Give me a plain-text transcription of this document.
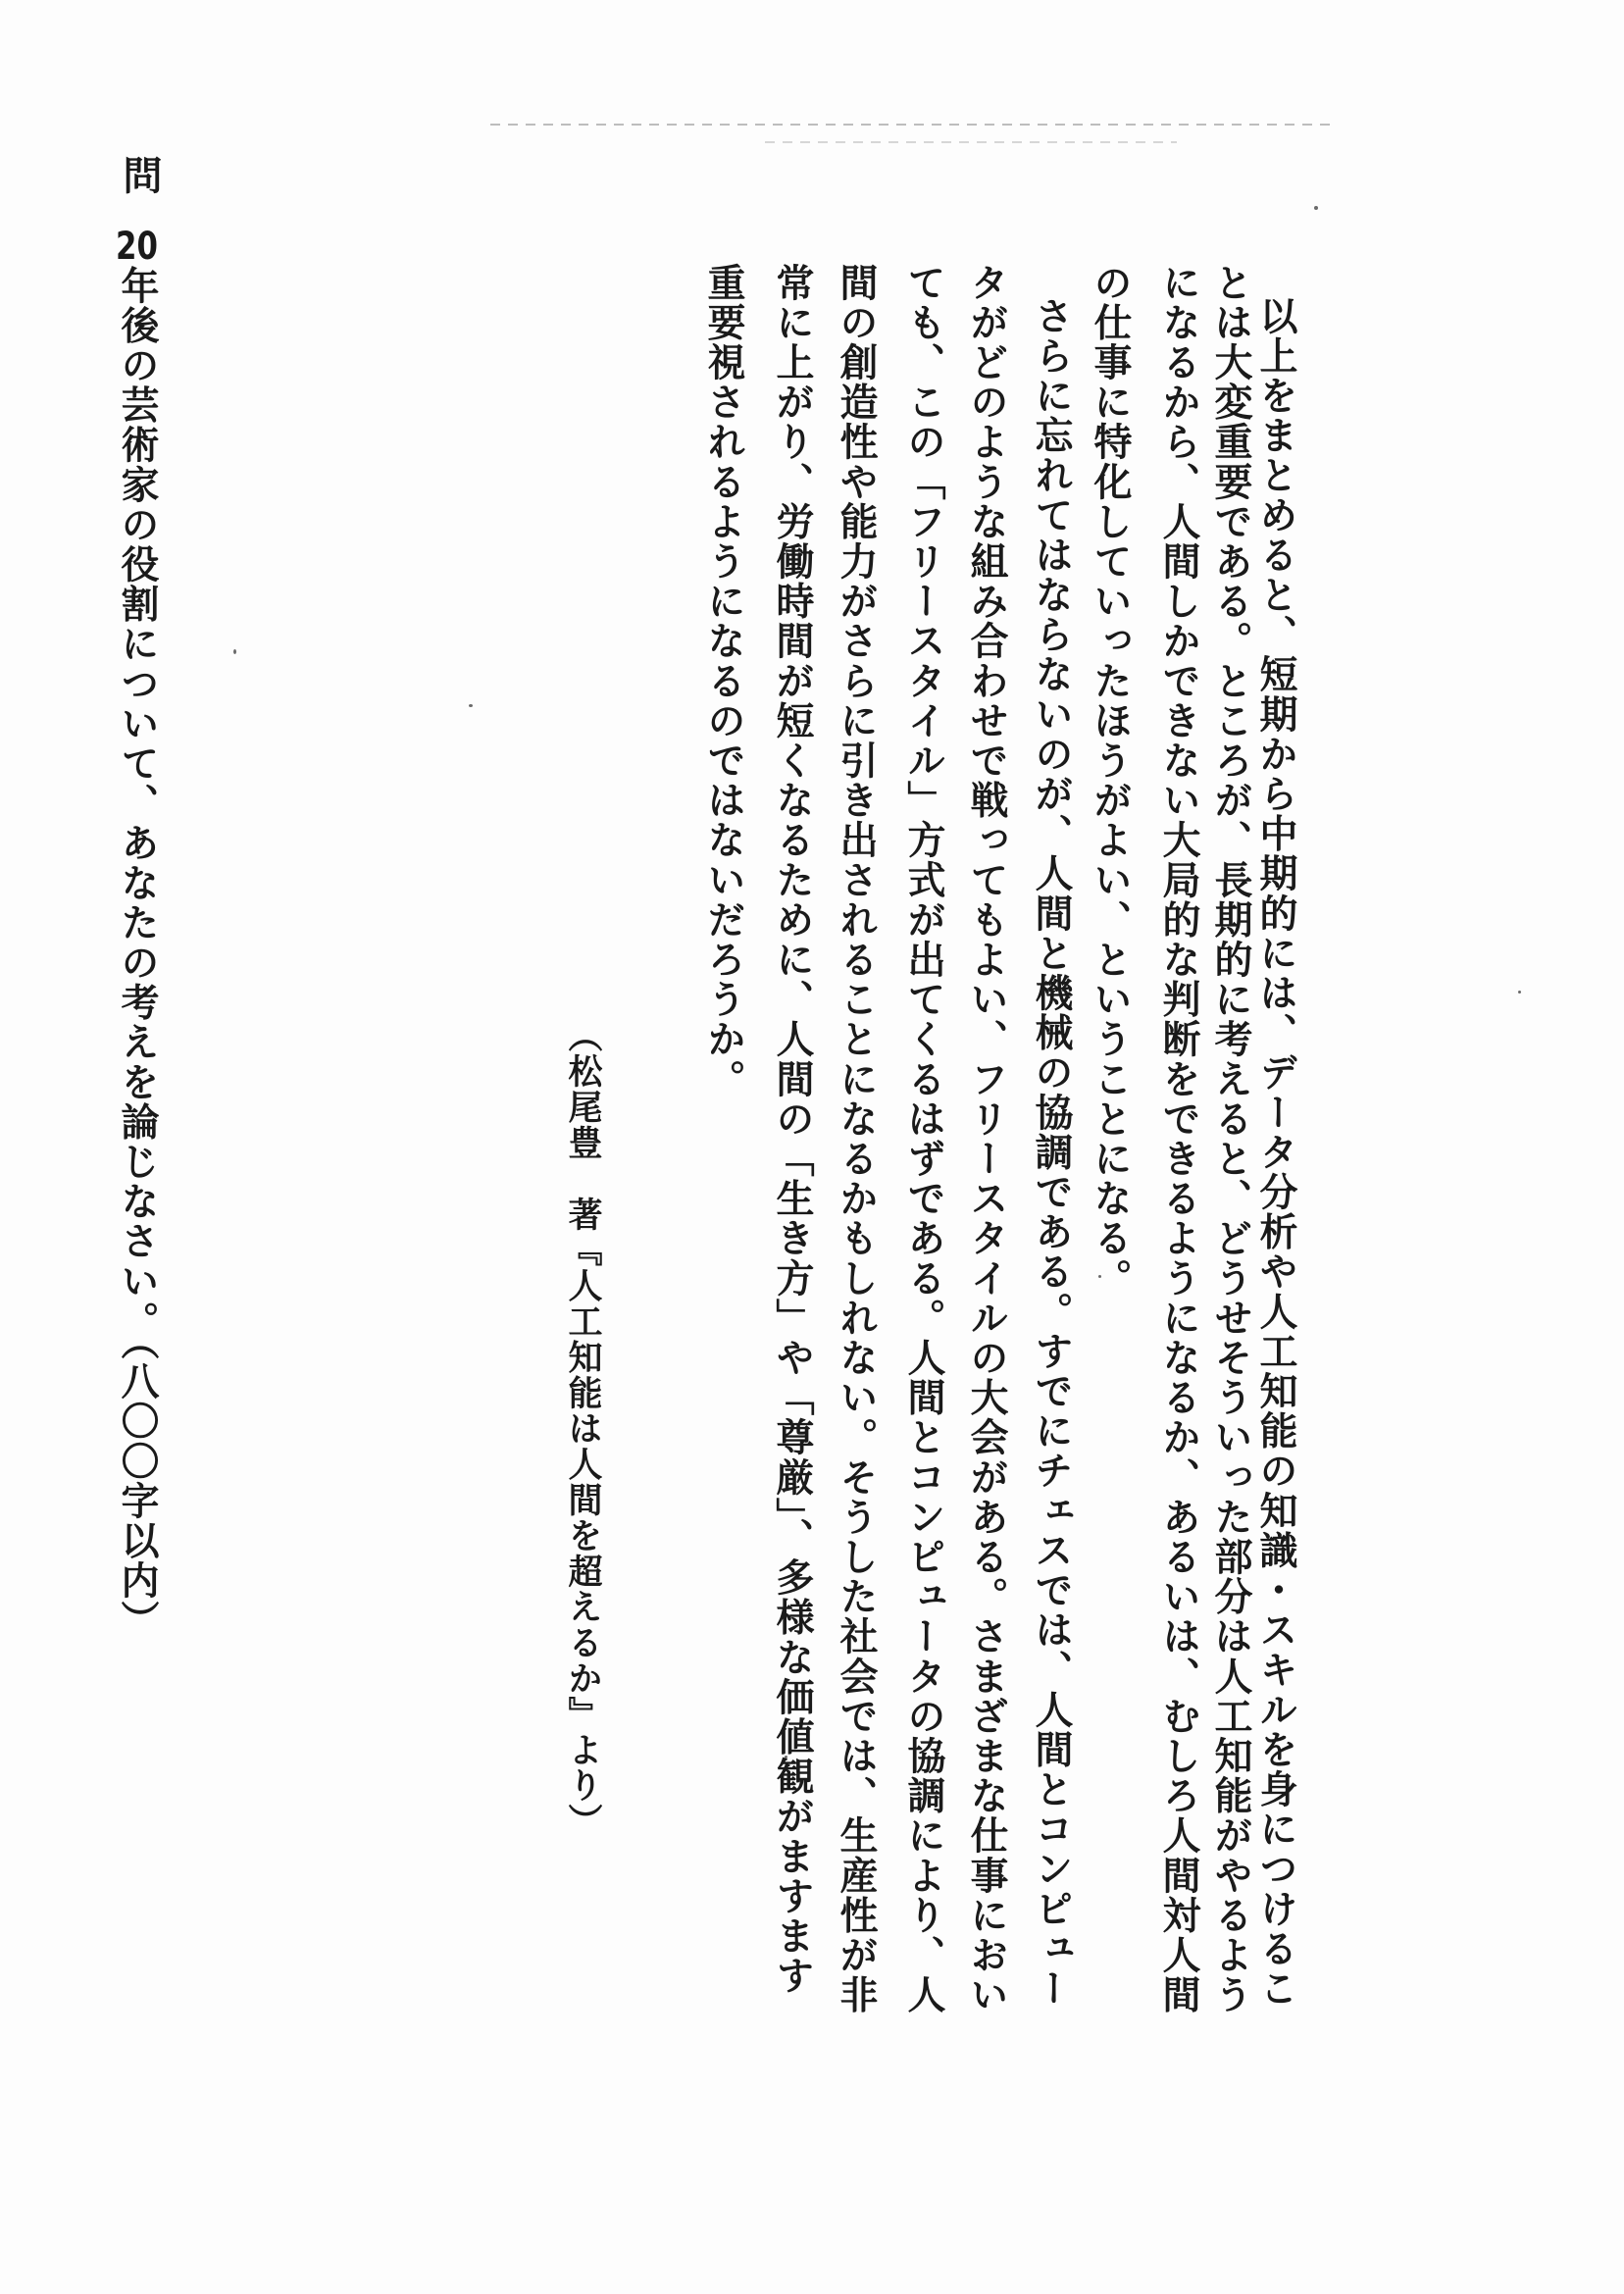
以上をまとめると、短期から中期的には、データ分析や人工知能の知識・スキルを身につけるこ
とは大変重要である。ところが、長期的に考えると、どうせそういった部分は人工知能がやるよう
になるから、人間しかできない大局的な判断をできるようになるか、あるいは、むしろ人間対人間
の仕事に特化していったほうがよい、ということになる。
さらに忘れてはならないのが、人間と機械の協調である。すでにチェスでは、人間とコンピュー
タがどのような組み合わせで戦ってもよい、フリースタイルの大会がある。さまざまな仕事におい
ても、この「フリースタイル」方式が出てくるはずである。人間とコンピュータの協調により、人
間の創造性や能力がさらに引き出されることになるかもしれない。そうした社会では、生産性が非
常に上がり、労働時間が短くなるために、人間の「生き方」や「尊厳」、多様な価値観がますます
重要視されるようになるのではないだろうか。
（松尾豊　著『人工知能は人間を超えるか』より）
問
20年後の芸術家の役割について、あなたの考えを論じなさい。（八〇〇字以内）
